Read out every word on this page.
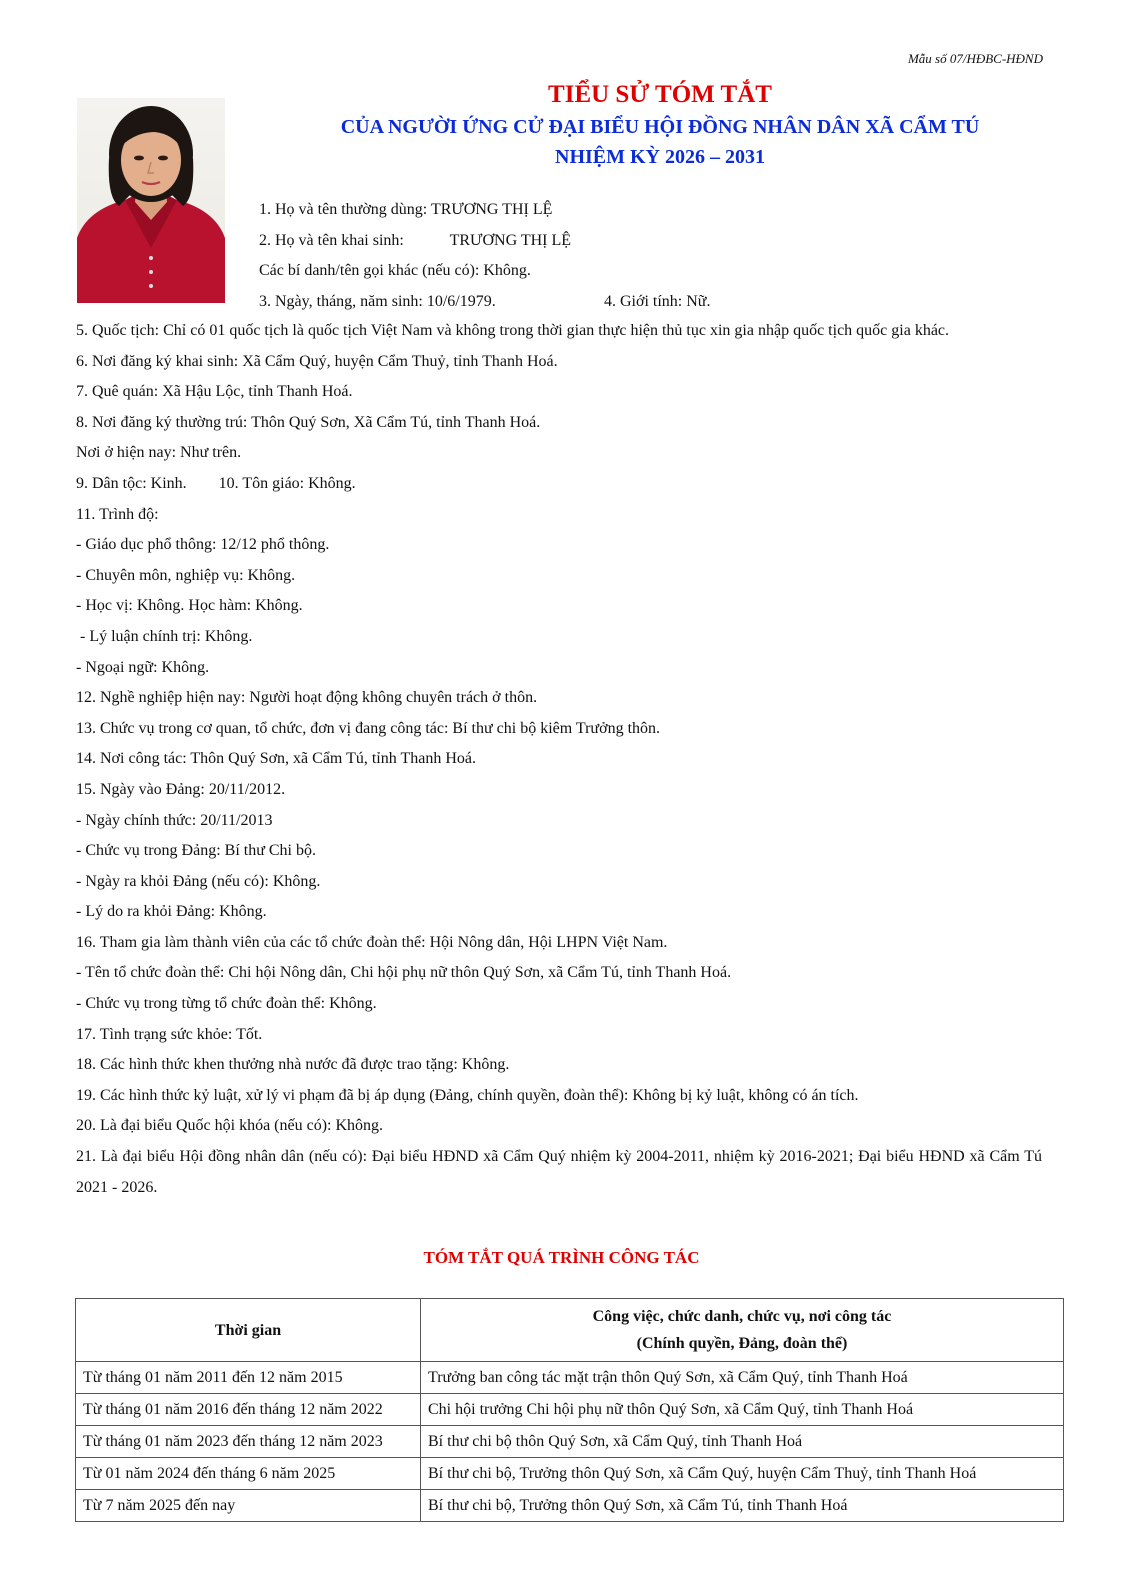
Mẫu số 07/HĐBC-HĐND
TIỂU SỬ TÓM TẮT
CỦA NGƯỜI ỨNG CỬ ĐẠI BIỂU HỘI ĐỒNG NHÂN DÂN XÃ CẨM TÚ
NHIỆM KỲ 2026 – 2031
1. Họ và tên thường dùng: TRƯƠNG THỊ LỆ
2. Họ và tên khai sinh:	TRƯƠNG THỊ LỆ
Các bí danh/tên gọi khác (nếu có): Không.
3. Ngày, tháng, năm sinh: 10/6/1979.	4. Giới tính: Nữ.
5. Quốc tịch: Chỉ có 01 quốc tịch là quốc tịch Việt Nam và không trong thời gian thực hiện thủ tục xin gia nhập quốc tịch quốc gia khác.
6. Nơi đăng ký khai sinh: Xã Cẩm Quý, huyện Cẩm Thuỷ, tỉnh Thanh Hoá.
7. Quê quán: Xã Hậu Lộc, tỉnh Thanh Hoá.
8. Nơi đăng ký thường trú: Thôn Quý Sơn, Xã Cẩm Tú, tỉnh Thanh Hoá.
Nơi ở hiện nay: Như trên.
9. Dân tộc: Kinh.        10. Tôn giáo: Không.
11. Trình độ:
- Giáo dục phổ thông: 12/12 phổ thông.
- Chuyên môn, nghiệp vụ: Không.
- Học vị: Không. Học hàm: Không.
- Lý luận chính trị: Không.
- Ngoại ngữ: Không.
12. Nghề nghiệp hiện nay: Người hoạt động không chuyên trách ở thôn.
13. Chức vụ trong cơ quan, tổ chức, đơn vị đang công tác: Bí thư chi bộ kiêm Trưởng thôn.
14. Nơi công tác: Thôn Quý Sơn, xã Cẩm Tú, tỉnh Thanh Hoá.
15. Ngày vào Đảng: 20/11/2012.
- Ngày chính thức: 20/11/2013
- Chức vụ trong Đảng: Bí thư Chi bộ.
- Ngày ra khỏi Đảng (nếu có): Không.
- Lý do ra khỏi Đảng: Không.
16. Tham gia làm thành viên của các tổ chức đoàn thể: Hội Nông dân, Hội LHPN Việt Nam.
- Tên tổ chức đoàn thể: Chi hội Nông dân, Chi hội phụ nữ thôn Quý Sơn, xã Cẩm Tú, tỉnh Thanh Hoá.
- Chức vụ trong từng tổ chức đoàn thể: Không.
17. Tình trạng sức khỏe: Tốt.
18. Các hình thức khen thưởng nhà nước đã được trao tặng: Không.
19. Các hình thức kỷ luật, xử lý vi phạm đã bị áp dụng (Đảng, chính quyền, đoàn thể): Không bị kỷ luật, không có án tích.
20. Là đại biểu Quốc hội khóa (nếu có): Không.
21. Là đại biểu Hội đồng nhân dân (nếu có): Đại biểu HĐND xã Cẩm Quý nhiệm kỳ 2004-2011, nhiệm kỳ 2016-2021; Đại biểu HĐND xã Cẩm Tú 2021 - 2026.
TÓM TẮT QUÁ TRÌNH CÔNG TÁC
Thời gian	Công việc, chức danh, chức vụ, nơi công tác
(Chính quyền, Đảng, đoàn thể)

Từ tháng 01 năm 2011 đến 12 năm 2015	Trưởng ban công tác mặt trận thôn Quý Sơn, xã Cẩm Quý, tỉnh Thanh Hoá
Từ tháng 01 năm 2016 đến tháng 12 năm 2022	Chi hội trưởng Chi hội phụ nữ thôn Quý Sơn, xã Cẩm Quý, tỉnh Thanh Hoá
Từ tháng 01 năm 2023 đến tháng 12 năm 2023	Bí thư chi bộ thôn Quý Sơn, xã Cẩm Quý, tỉnh Thanh Hoá
Từ 01 năm 2024 đến tháng 6 năm 2025	Bí thư chi bộ, Trưởng thôn Quý Sơn, xã Cẩm Quý, huyện Cẩm Thuỷ, tỉnh Thanh Hoá
Từ 7 năm 2025 đến nay	Bí thư chi bộ, Trưởng thôn Quý Sơn, xã Cẩm Tú, tỉnh Thanh Hoá
